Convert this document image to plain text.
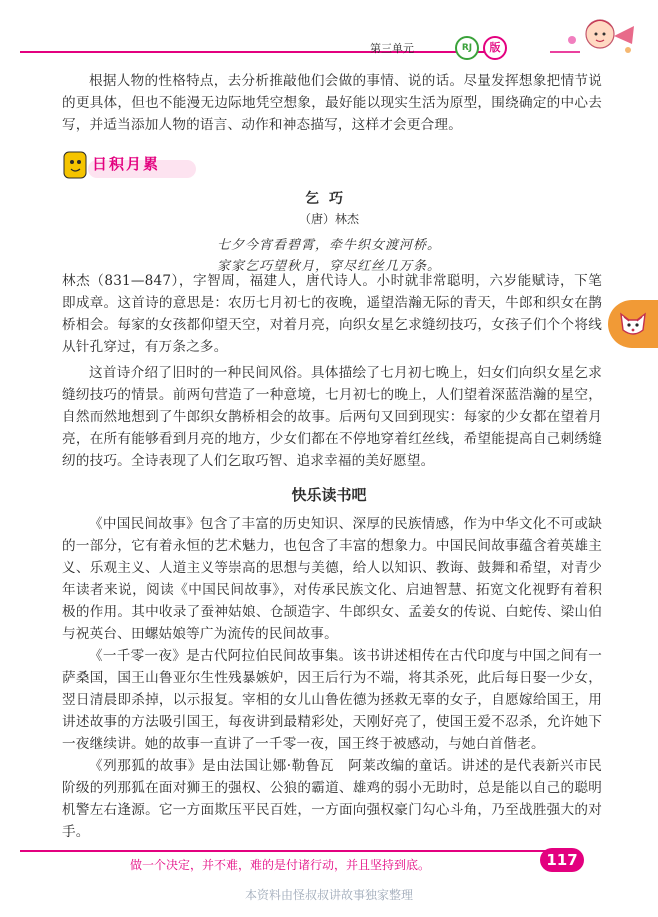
第三单元	RJ	版

根据人物的性格特点，去分析推敲他们会做的事情、说的话。尽量发挥想象把情节说的更具体，但也不能漫无边际地凭空想象，最好能以现实生活为原型，围绕确定的中心去写，并适当添加人物的语言、动作和神态描写，这样才会更合理。

日积月累
乞巧
（唐）林杰
七夕今宵看碧霄，牵牛织女渡河桥。
家家乞巧望秋月，穿尽红丝几万条。

林杰（831—847），字智周，福建人，唐代诗人。小时就非常聪明，六岁能赋诗，下笔即成章。这首诗的意思是：农历七月初七的夜晚，遥望浩瀚无际的青天，牛郎和织女在鹊桥相会。每家的女孩都仰望天空，对着月亮，向织女星乞求缝纫技巧，女孩子们个个将线从针孔穿过，有万条之多。

这首诗介绍了旧时的一种民间风俗。具体描绘了七月初七晚上，妇女们向织女星乞求缝纫技巧的情景。前两句营造了一种意境，七月初七的晚上，人们望着深蓝浩瀚的星空，自然而然地想到了牛郎织女鹊桥相会的故事。后两句又回到现实：每家的少女都在望着月亮，在所有能够看到月亮的地方，少女们都在不停地穿着红丝线，希望能提高自己刺绣缝纫的技巧。全诗表现了人们乞取巧智、追求幸福的美好愿望。

快乐读书吧

《中国民间故事》包含了丰富的历史知识、深厚的民族情感，作为中华文化不可或缺的一部分，它有着永恒的艺术魅力，也包含了丰富的想象力。中国民间故事蕴含着英雄主义、乐观主义、人道主义等崇高的思想与美德，给人以知识、教诲、鼓舞和希望，对青少年读者来说，阅读《中国民间故事》，对传承民族文化、启迪智慧、拓宽文化视野有着积极的作用。其中收录了蚕神姑娘、仓颉造字、牛郎织女、孟姜女的传说、白蛇传、梁山伯与祝英台、田螺姑娘等广为流传的民间故事。

《一千零一夜》是古代阿拉伯民间故事集。该书讲述相传在古代印度与中国之间有一萨桑国，国王山鲁亚尔生性残暴嫉妒，因王后行为不端，将其杀死，此后每日娶一少女，翌日清晨即杀掉，以示报复。宰相的女儿山鲁佐德为拯救无辜的女子，自愿嫁给国王，用讲述故事的方法吸引国王，每夜讲到最精彩处，天刚好亮了，使国王爱不忍杀，允许她下一夜继续讲。她的故事一直讲了一千零一夜，国王终于被感动，与她白首偕老。

《列那狐的故事》是由法国让娜·勒鲁瓦　阿莱改编的童话。讲述的是代表新兴市民阶级的列那狐在面对狮王的强权、公狼的霸道、雄鸡的弱小无助时，总是能以自己的聪明机警左右逢源。它一方面欺压平民百姓，一方面向强权豪门勾心斗角，乃至战胜强大的对手。

做一个决定，并不难，难的是付诸行动，并且坚持到底。	117
本资料由怪叔叔讲故事独家整理
